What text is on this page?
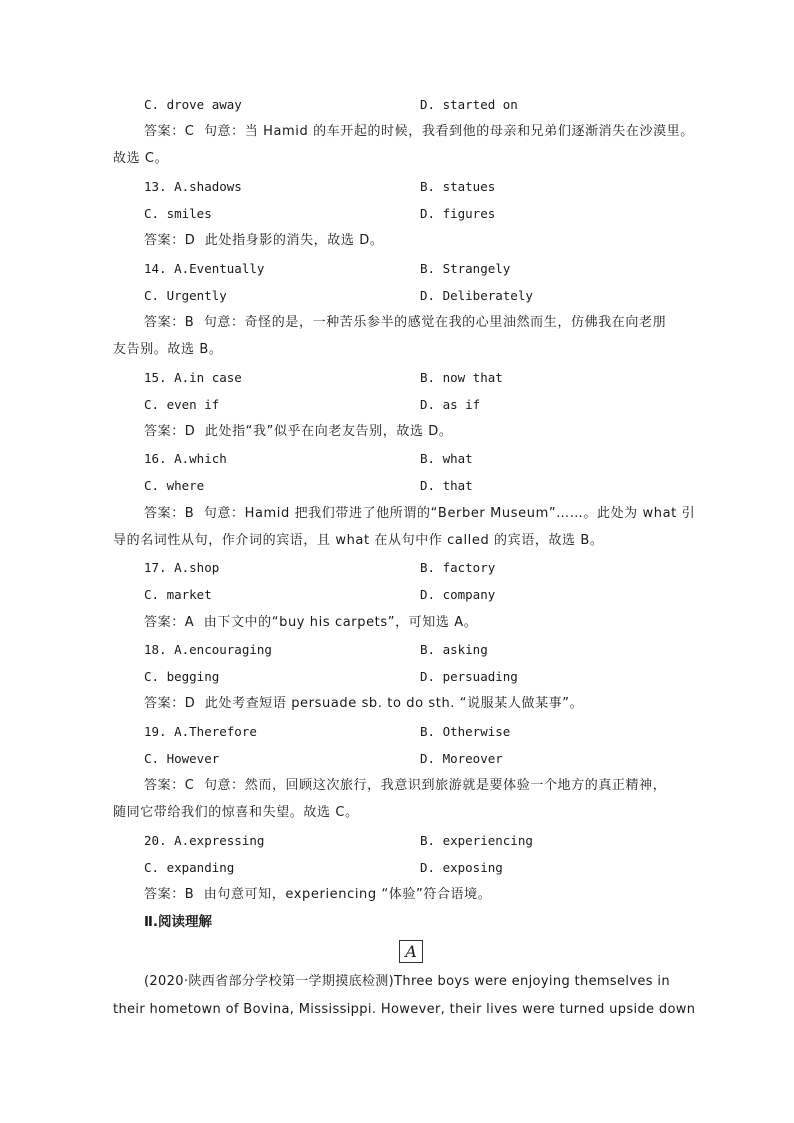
C. drove away	D. started on
答案：C  句意：当 Hamid 的车开起的时候，我看到他的母亲和兄弟们逐渐消失在沙漠里。
故选 C。
13. A.shadows	B. statues
C. smiles	D. figures
答案：D  此处指身影的消失，故选 D。
14. A.Eventually	B. Strangely
C. Urgently	D. Deliberately
答案：B  句意：奇怪的是，一种苦乐参半的感觉在我的心里油然而生，仿佛我在向老朋
友告别。故选 B。
15. A.in case	B. now that
C. even if	D. as if
答案：D  此处指“我”似乎在向老友告别，故选 D。
16. A.which	B. what
C. where	D. that
答案：B  句意：Hamid 把我们带进了他所谓的“Berber Museum”……。此处为 what 引
导的名词性从句，作介词的宾语，且 what 在从句中作 called 的宾语，故选 B。
17. A.shop	B. factory
C. market	D. company
答案：A  由下文中的“buy his carpets”，可知选 A。
18. A.encouraging	B. asking
C. begging	D. persuading
答案：D  此处考查短语 persuade sb. to do sth. “说服某人做某事”。
19. A.Therefore	B. Otherwise
C. However	D. Moreover
答案：C  句意：然而，回顾这次旅行，我意识到旅游就是要体验一个地方的真正精神，
随同它带给我们的惊喜和失望。故选 C。
20. A.expressing	B. experiencing
C. expanding	D. exposing
答案：B  由句意可知，experiencing “体验”符合语境。
Ⅱ.阅读理解
A
(2020·陕西省部分学校第一学期摸底检测)Three boys were enjoying themselves in
their hometown of Bovina, Mississippi. However, their lives were turned upside down
